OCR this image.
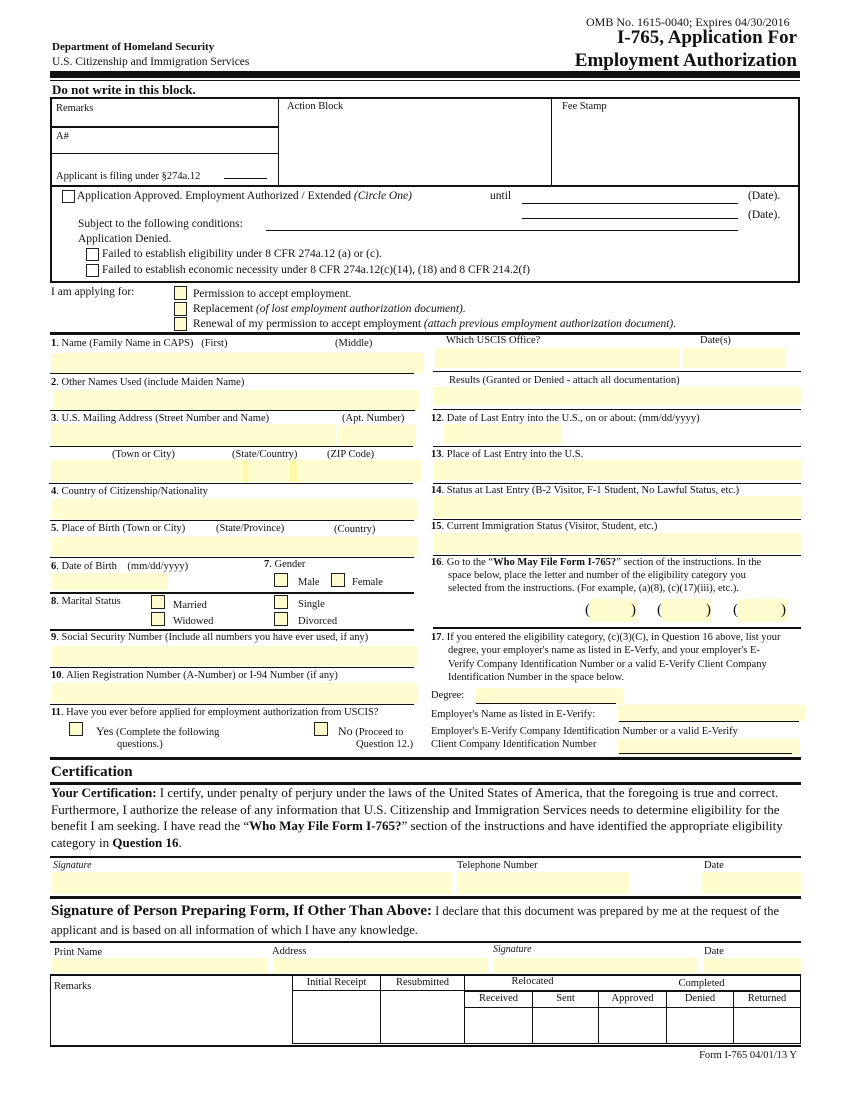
OMB No. 1615-0040; Expires 04/30/2016
Department of Homeland Security
U.S. Citizenship and Immigration Services
I-765, Application For
Employment Authorization
Do not write in this block.
Remarks
A#
Applicant is filing under §274a.12
Action Block	Fee Stamp
Application Approved. Employment Authorized / Extended (Circle One)	until	(Date).
(Date).
Subject to the following conditions:
Application Denied.
Failed to establish eligibility under 8 CFR 274a.12 (a) or (c).
Failed to establish economic necessity under 8 CFR 274a.12(c)(14), (18) and 8 CFR 214.2(f)
I am applying for:	Permission to accept employment.
Replacement (of lost employment authorization document).
Renewal of my permission to accept employment (attach previous employment authorization document).
1. Name (Family Name in CAPS) (First)	(Middle)
2. Other Names Used (include Maiden Name)
3. U.S. Mailing Address (Street Number and Name)	(Apt. Number)
(Town or City)	(State/Country)	(ZIP Code)
4. Country of Citizenship/Nationality
5. Place of Birth (Town or City)	(State/Province)	(Country)
6. Date of Birth (mm/dd/yyyy)	7. Gender
Male	Female
8. Marital Status	Married	Single
Widowed	Divorced
9. Social Security Number (Include all numbers you have ever used, if any)
10. Alien Registration Number (A-Number) or I-94 Number (if any)
11. Have you ever before applied for employment authorization from USCIS?
Yes (Complete the following
questions.)
No (Proceed to
Question 12.)
Which USCIS Office?	Date(s)
Results (Granted or Denied - attach all documentation)
12. Date of Last Entry into the U.S., on or about: (mm/dd/yyyy)
13. Place of Last Entry into the U.S.
14. Status at Last Entry (B-2 Visitor, F-1 Student, No Lawful Status, etc.)
15. Current Immigration Status (Visitor, Student, etc.)
16. Go to the “Who May File Form I-765?” section of the instructions. In the
space below, place the letter and number of the eligibility category you
selected from the instructions. (For example, (a)(8), (c)(17)(iii), etc.).
(	) (	) (	)
17. If you entered the eligibility category, (c)(3)(C), in Question 16 above, list your
degree, your employer's name as listed in E-Verfy, and your employer's E-
Verify Company Identification Number or a valid E-Verify Client Company
Identification Number in the space below.
Degree:
Employer's Name as listed in E-Verify:
Employer's E-Verify Company Identification Number or a valid E-Verify
Client Company Identification Number
Certification
Your Certification: I certify, under penalty of perjury under the laws of the United States of America, that the foregoing is true and correct. Furthermore, I authorize the release of any information that U.S. Citizenship and Immigration Services needs to determine eligibility for the benefit I am seeking. I have read the “Who May File Form I-765?” section of the instructions and have identified the appropriate eligibility category in Question 16.
Signature	Telephone Number	Date
Signature of Person Preparing Form, If Other Than Above: I declare that this document was prepared by me at the request of the applicant and is based on all information of which I have any knowledge.
Print Name	Address	Signature	Date
Remarks	Initial Receipt	Resubmitted	Relocated	Completed
Received	Sent	Approved	Denied	Returned
Form I-765 04/01/13 Y
